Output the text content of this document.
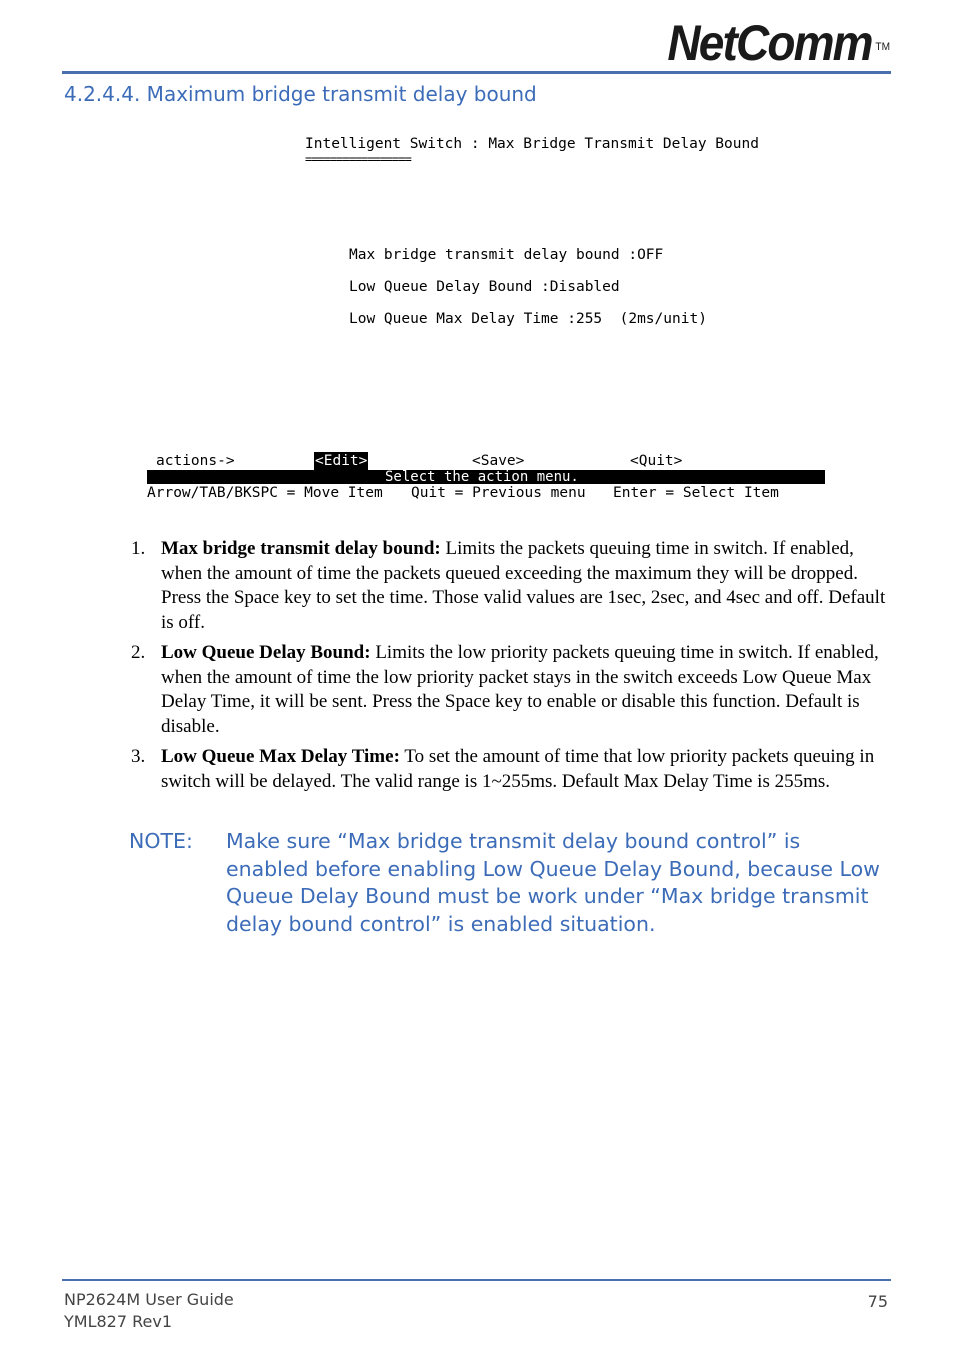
NetComm ™
4.2.4.4. Maximum bridge transmit delay bound
Intelligent Switch : Max Bridge Transmit Delay Bound
=================
Max bridge transmit delay bound :OFF
Low Queue Delay Bound :Disabled
Low Queue Max Delay Time :255  (2ms/unit)

actions->

	<Edit>

	<Save>

	<Quit>

Select the action menu.

Arrow/TAB/BKSPC = Move Item

Quit = Previous menu

Enter = Select Item

1. Max bridge transmit delay bound: Limits the packets queuing time in switch. If enabled, when the amount of time the packets queued exceeding the maximum they will be dropped. Press the Space key to set the time. Those valid values are 1sec, 2sec, and 4sec and off. Default is off.
2. Low Queue Delay Bound: Limits the low priority packets queuing time in switch. If enabled, when the amount of time the low priority packet stays in the switch exceeds Low Queue Max Delay Time, it will be sent. Press the Space key to enable or disable this function. Default is disable.
3. Low Queue Max Delay Time: To set the amount of time that low priority packets queuing in switch will be delayed. The valid range is 1~255ms. Default Max Delay Time is 255ms.
NOTE: Make sure “Max bridge transmit delay bound control” is enabled before enabling Low Queue Delay Bound, because Low Queue Delay Bound must be work under “Max bridge transmit delay bound control” is enabled situation.
NP2624M User Guide
YML827 Rev1
75
